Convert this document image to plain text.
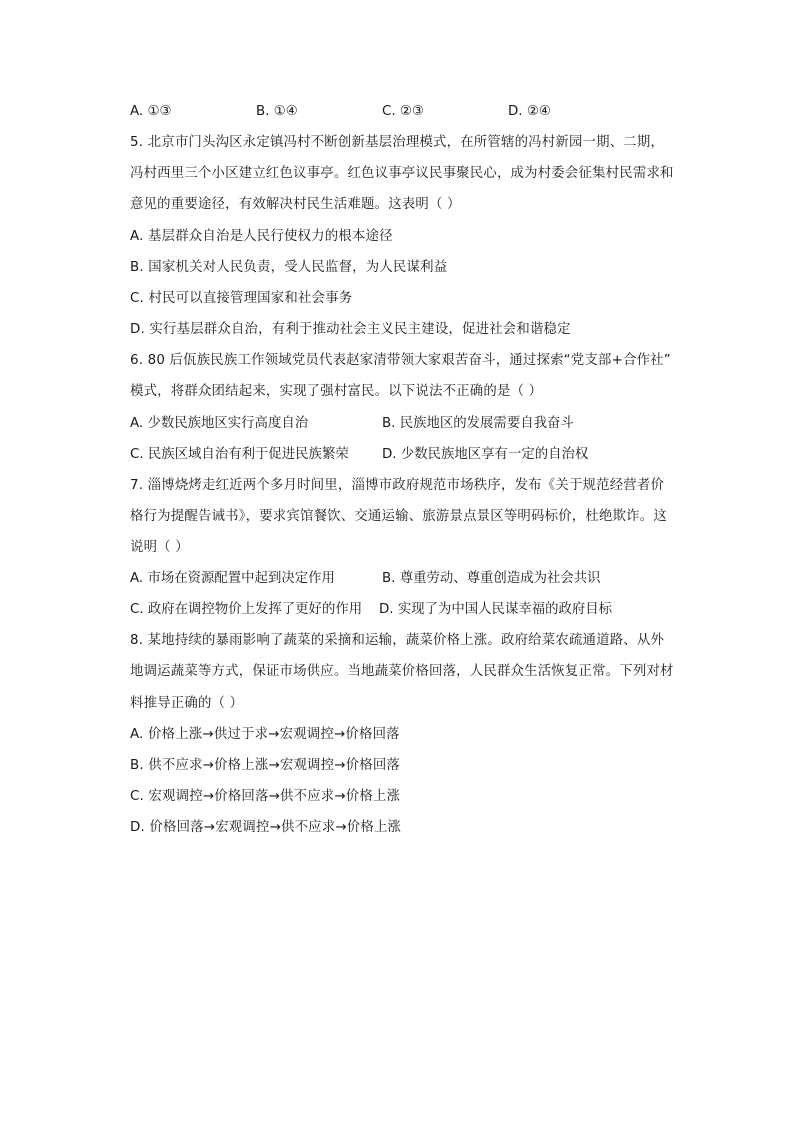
A. ①③	B. ①④	C. ②③	D. ②④
5. 北京市门头沟区永定镇冯村不断创新基层治理模式，在所管辖的冯村新园一期、二期，
冯村西里三个小区建立红色议事亭。红色议事亭议民事聚民心，成为村委会征集村民需求和
意见的重要途径，有效解决村民生活难题。这表明（ ）
A. 基层群众自治是人民行使权力的根本途径
B. 国家机关对人民负责，受人民监督，为人民谋利益
C. 村民可以直接管理国家和社会事务
D. 实行基层群众自治，有利于推动社会主义民主建设，促进社会和谐稳定
6. 80 后佤族民族工作领域党员代表赵家清带领大家艰苦奋斗，通过探索“党支部+合作社”
模式，将群众团结起来，实现了强村富民。以下说法不正确的是（ ）
A. 少数民族地区实行高度自治	B. 民族地区的发展需要自我奋斗
C. 民族区域自治有利于促进民族繁荣 D. 少数民族地区享有一定的自治权
7. 淄博烧烤走红近两个多月时间里，淄博市政府规范市场秩序，发布《关于规范经营者价
格行为提醒告诫书》，要求宾馆餐饮、交通运输、旅游景点景区等明码标价，杜绝欺诈。这
说明（ ）
A. 市场在资源配置中起到决定作用	B. 尊重劳动、尊重创造成为社会共识
C. 政府在调控物价上发挥了更好的作用 D. 实现了为中国人民谋幸福的政府目标
8. 某地持续的暴雨影响了蔬菜的采摘和运输，蔬菜价格上涨。政府给菜农疏通道路、从外
地调运蔬菜等方式，保证市场供应。当地蔬菜价格回落，人民群众生活恢复正常。下列对材
料推导正确的（ ）
A. 价格上涨→供过于求→宏观调控→价格回落
B. 供不应求→价格上涨→宏观调控→价格回落
C. 宏观调控→价格回落→供不应求→价格上涨
D. 价格回落→宏观调控→供不应求→价格上涨
